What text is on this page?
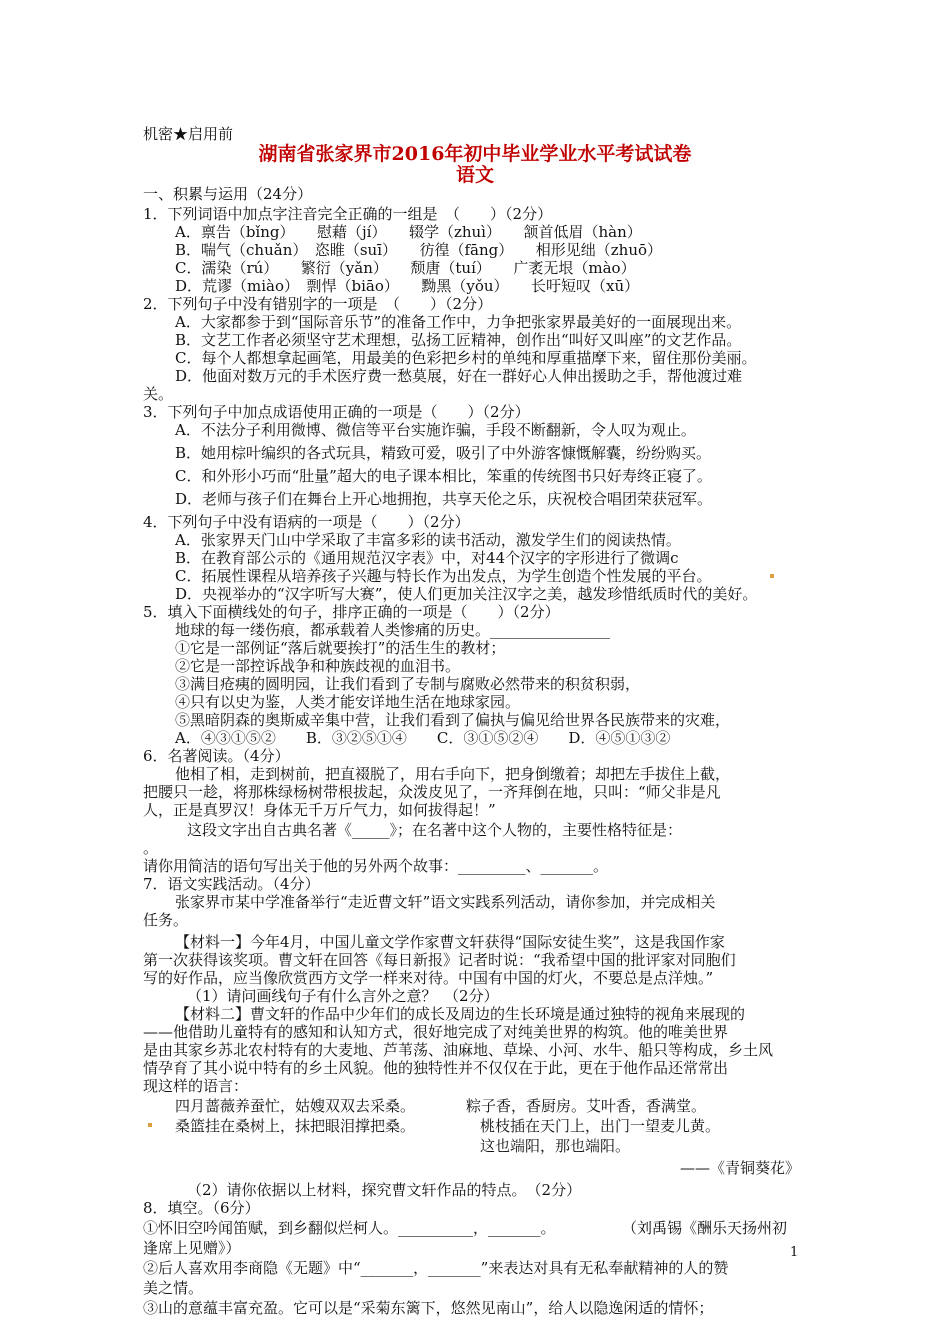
机密★启用前
湖南省张家界市2016年初中毕业学业水平考试试卷
语文
一、积累与运用（24分）
1．下列词语中加点字注音完全正确的一组是　（　　）（2分）
A．禀告（bǐng）　　慰藉（jí）　　辍学（zhuì）　　颔首低眉（hàn）
B．喘气（chuǎn）　恣睢（suī）　　彷徨（fāng）　　相形见绌（zhuō）
C．濡染（rú）　　繁衍（yǎn）　　颓唐（tuí）　　广袤无垠（mào）
D．荒谬（miào）　剽悍（biāo）　　黝黑（yǒu）　　长吁短叹（xū）
2．下列句子中没有错别字的一项是　（　　）（2分）
A．大家都参于到“国际音乐节”的准备工作中，力争把张家界最美好的一面展现出来。
B．文艺工作者必须坚守艺术理想，弘扬工匠精神，创作出“叫好又叫座”的文艺作品。
C．每个人都想拿起画笔，用最美的色彩把乡村的单纯和厚重描摩下来，留住那份美丽。
D．他面对数万元的手术医疗费一愁莫展，好在一群好心人伸出援助之手，帮他渡过难
关。
3．下列句子中加点成语使用正确的一项是（　　）（2分）
A．不法分子利用微博、微信等平台实施诈骗，手段不断翻新，令人叹为观止。
B．她用棕叶编织的各式玩具，精致可爱，吸引了中外游客慷慨解囊，纷纷购买。
C．和外形小巧而“肚量”超大的电子课本相比，笨重的传统图书只好寿终正寝了。
D．老师与孩子们在舞台上开心地拥抱，共享天伦之乐，庆祝校合唱团荣获冠军。
4．下列句子中没有语病的一项是（　　）（2分）
A．张家界天门山中学采取了丰富多彩的读书活动，激发学生们的阅读热情。
B．在教育部公示的《通用规范汉字表》中，对44个汉字的字形进行了微调c
C．拓展性课程从培养孩子兴趣与特长作为出发点，为学生创造个性发展的平台。
D．央视举办的“汉字听写大赛”，使人们更加关注汉字之美，越发珍惜纸质时代的美好。
5．填入下面横线处的句子，排序正确的一项是（　　）（2分）
地球的每一缕伤痕，都承载着人类惨痛的历史。________________
①它是一部例证“落后就要挨打”的活生生的教材；
②它是一部控诉战争和种族歧视的血泪书。
③满目疮痍的圆明园，让我们看到了专制与腐败必然带来的积贫积弱，
④只有以史为鉴，人类才能安详地生活在地球家园。
⑤黑暗阴森的奥斯威辛集中营，让我们看到了偏执与偏见给世界各民族带来的灾难，
A．④③①⑤②　　B．③②⑤①④　　C．③①⑤②④　　D．④⑤①③②
6．名著阅读。（4分）
他相了相，走到树前，把直裰脱了，用右手向下，把身倒缴着；却把左手拔住上截，
把腰只一趁，将那株绿杨树带根拔起，众泼皮见了，一齐拜倒在地，只叫：“师父非是凡
人，正是真罗汉！身体无千万斤气力，如何拔得起！”
这段文字出自古典名著《_____》；在名著中这个人物的，主要性格特征是：
。
请你用简洁的语句写出关于他的另外两个故事：_________、_______。
7．语文实践活动。（4分）
张家界市某中学准备举行“走近曹文轩”语文实践系列活动，请你参加，并完成相关
任务。
【材料一】今年4月，中国儿童文学作家曹文轩获得“国际安徒生奖”，这是我国作家
第一次获得该奖项。曹文轩在回答《每日新报》记者时说：“我希望中国的批评家对同胞们
写的好作品，应当像欣赏西方文学一样来对待。中国有中国的灯火，不要总是点洋烛。”
（1）请问画线句子有什么言外之意？　（2分）
【材料二】曹文轩的作品中少年们的成长及周边的生长环境是通过独特的视角来展现的
——他借助儿童特有的感知和认知方式，很好地完成了对纯美世界的构筑。他的唯美世界
是由其家乡苏北农村特有的大麦地、芦苇荡、油麻地、草垛、小河、水牛、船只等构成，乡土风
情孕育了其小说中特有的乡土风貌。他的独特性并不仅仅在于此，更在于他作品还常常出
现这样的语言：
四月蔷薇养蚕忙，姑嫂双双去采桑。	粽子香，香厨房。艾叶香，香满堂。
桑篮挂在桑树上，抹把眼泪撑把桑。	桃枝插在天门上，出门一望麦儿黄。
这也端阳，那也端阳。
——《青铜葵花》
（2）请你依据以上材料，探究曹文轩作品的特点。　（2分）
8．填空。（6分）
①怀旧空吟闻笛赋，到乡翻似烂柯人。__________，_______。	（刘禹锡《酬乐天扬州初
逢席上见赠》）
②后人喜欢用李商隐《无题》中“_______，_______”来表达对具有无私奉献精神的人的赞
美之情。
③山的意蕴丰富充盈。它可以是“采菊东篱下，悠然见南山”，给人以隐逸闲适的情怀；
1
